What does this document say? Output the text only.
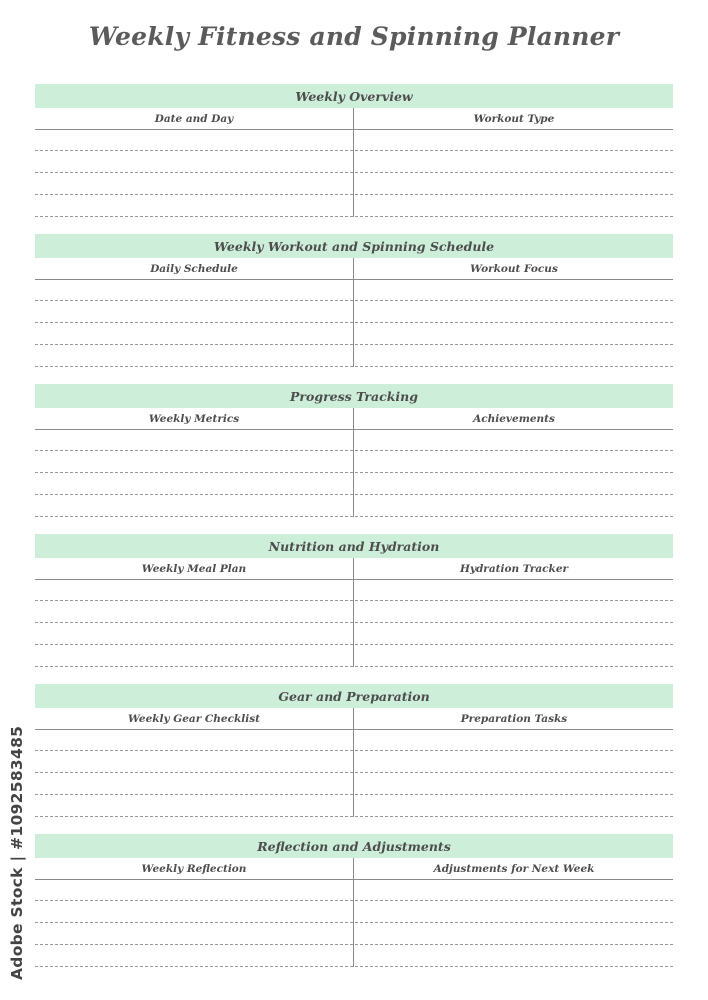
Weekly Fitness and Spinning Planner
Weekly Overview
Date and Day	Workout Type
Weekly Workout and Spinning Schedule
Daily Schedule	Workout Focus
Progress Tracking
Weekly Metrics	Achievements
Nutrition and Hydration
Weekly Meal Plan	Hydration Tracker
Gear and Preparation
Weekly Gear Checklist	Preparation Tasks
Reflection and Adjustments
Weekly Reflection	Adjustments for Next Week
Adobe Stock | #1092583485
